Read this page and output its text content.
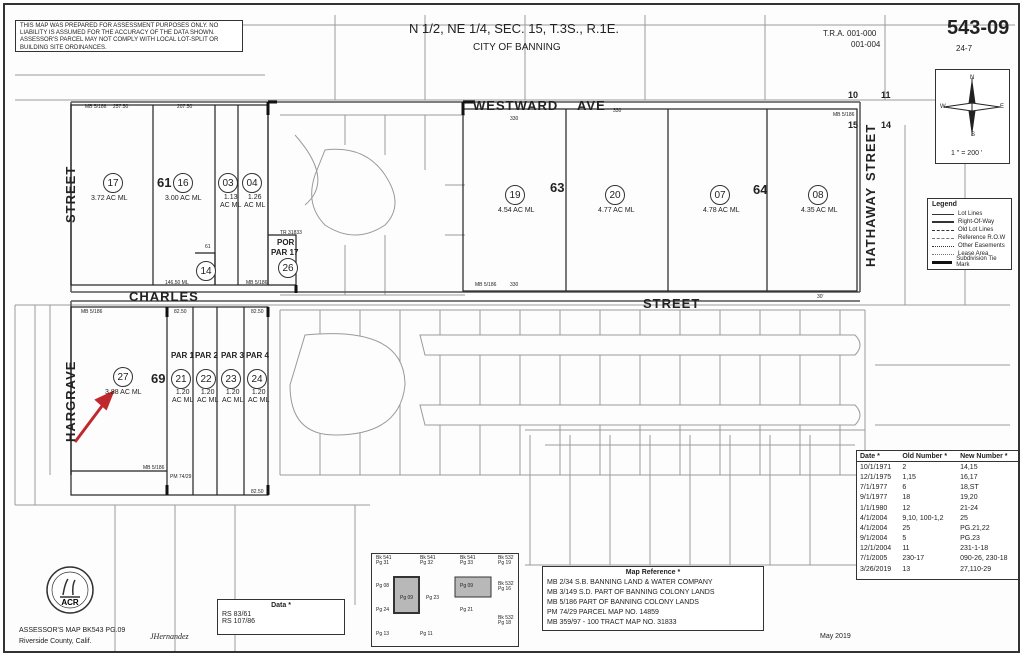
THIS MAP WAS PREPARED FOR ASSESSMENT PURPOSES ONLY. NO LIABILITY IS ASSUMED FOR THE ACCURACY OF THE DATA SHOWN. ASSESSOR'S PARCEL MAY NOT COMPLY WITH LOCAL LOT-SPLIT OR BUILDING SITE ORDINANCES.
N 1/2, NE 1/4, SEC. 15, T.3S., R.1E.
CITY OF BANNING
T.R.A. 001-000
001-004
543-09
24-7
N
S
W	E
1 " = 200 '
10	11
15	14
WESTWARD AVE
CHARLES	STREET
STREET
HARGRAVE
HATHAWAY
STREET
61	63	64
69
17
3.72 AC ML
16
3.00 AC ML
03
1.13
AC ML
04
1.26
AC ML
14	26
POR
PAR 17
19
4.54 AC ML
20
4.77 AC ML
07
4.78 AC ML
08
4.35 AC ML
27
3.88 AC ML
PAR 1 PAR 2 PAR 3 PAR 4
21
1.20
AC ML
22
1.20
AC ML
23
1.20
AC ML
24
1.20
AC ML
MB 5/186 257.50	207.50
330
330
330
MB 5/186
MB 5/186	MB 5/186
MB 5/186
MB 5/186
TR 31833
146.50 ML
61
82.50	82.50
82.50
PM 74/29
30'
Legend
Lot Lines
Right-Of-Way
Old Lot Lines
Reference R.O.W
Other Easements
Lease Area
Subdivision Tie Mark
Date *	Old Number *	New Number *
10/1/1971	2	14,15
12/1/1975	1,15	16,17
7/1/1977	6	18,ST
9/1/1977	18	19,20
1/1/1980	12	21-24
4/1/2004	9,10, 100-1,2	25
4/1/2004	25	PG.21,22
9/1/2004	5	PG.23
12/1/2004	11	231-1-18
7/1/2005	230-17	090-26, 230-18
3/26/2019	13	27,110-29
Map Reference *
MB 2/34 S.B. BANNING LAND & WATER COMPANY
MB 3/149 S.D. PART OF BANNING COLONY LANDS
MB 5/186 PART OF BANNING COLONY LANDS
PM 74/29 PARCEL MAP NO. 14859
MB 359/97 - 100 TRACT MAP NO. 31833
Data *
RS 83/61
RS 107/86
Bk 541
Pg 31
Bk 541
Pg 32
Bk 541
Pg 33
Bk 532
Pg 19
Pg 08
Pg 09	Pg 23
Pg 09	Bk 532
Pg 16
Pg 24	Pg 21
Pg 13	Pg 11
Bk 532
Pg 18
ACR
ASSESSOR'S MAP BK543 PG.09
Riverside County, Calif.
JHernandez	May 2019
